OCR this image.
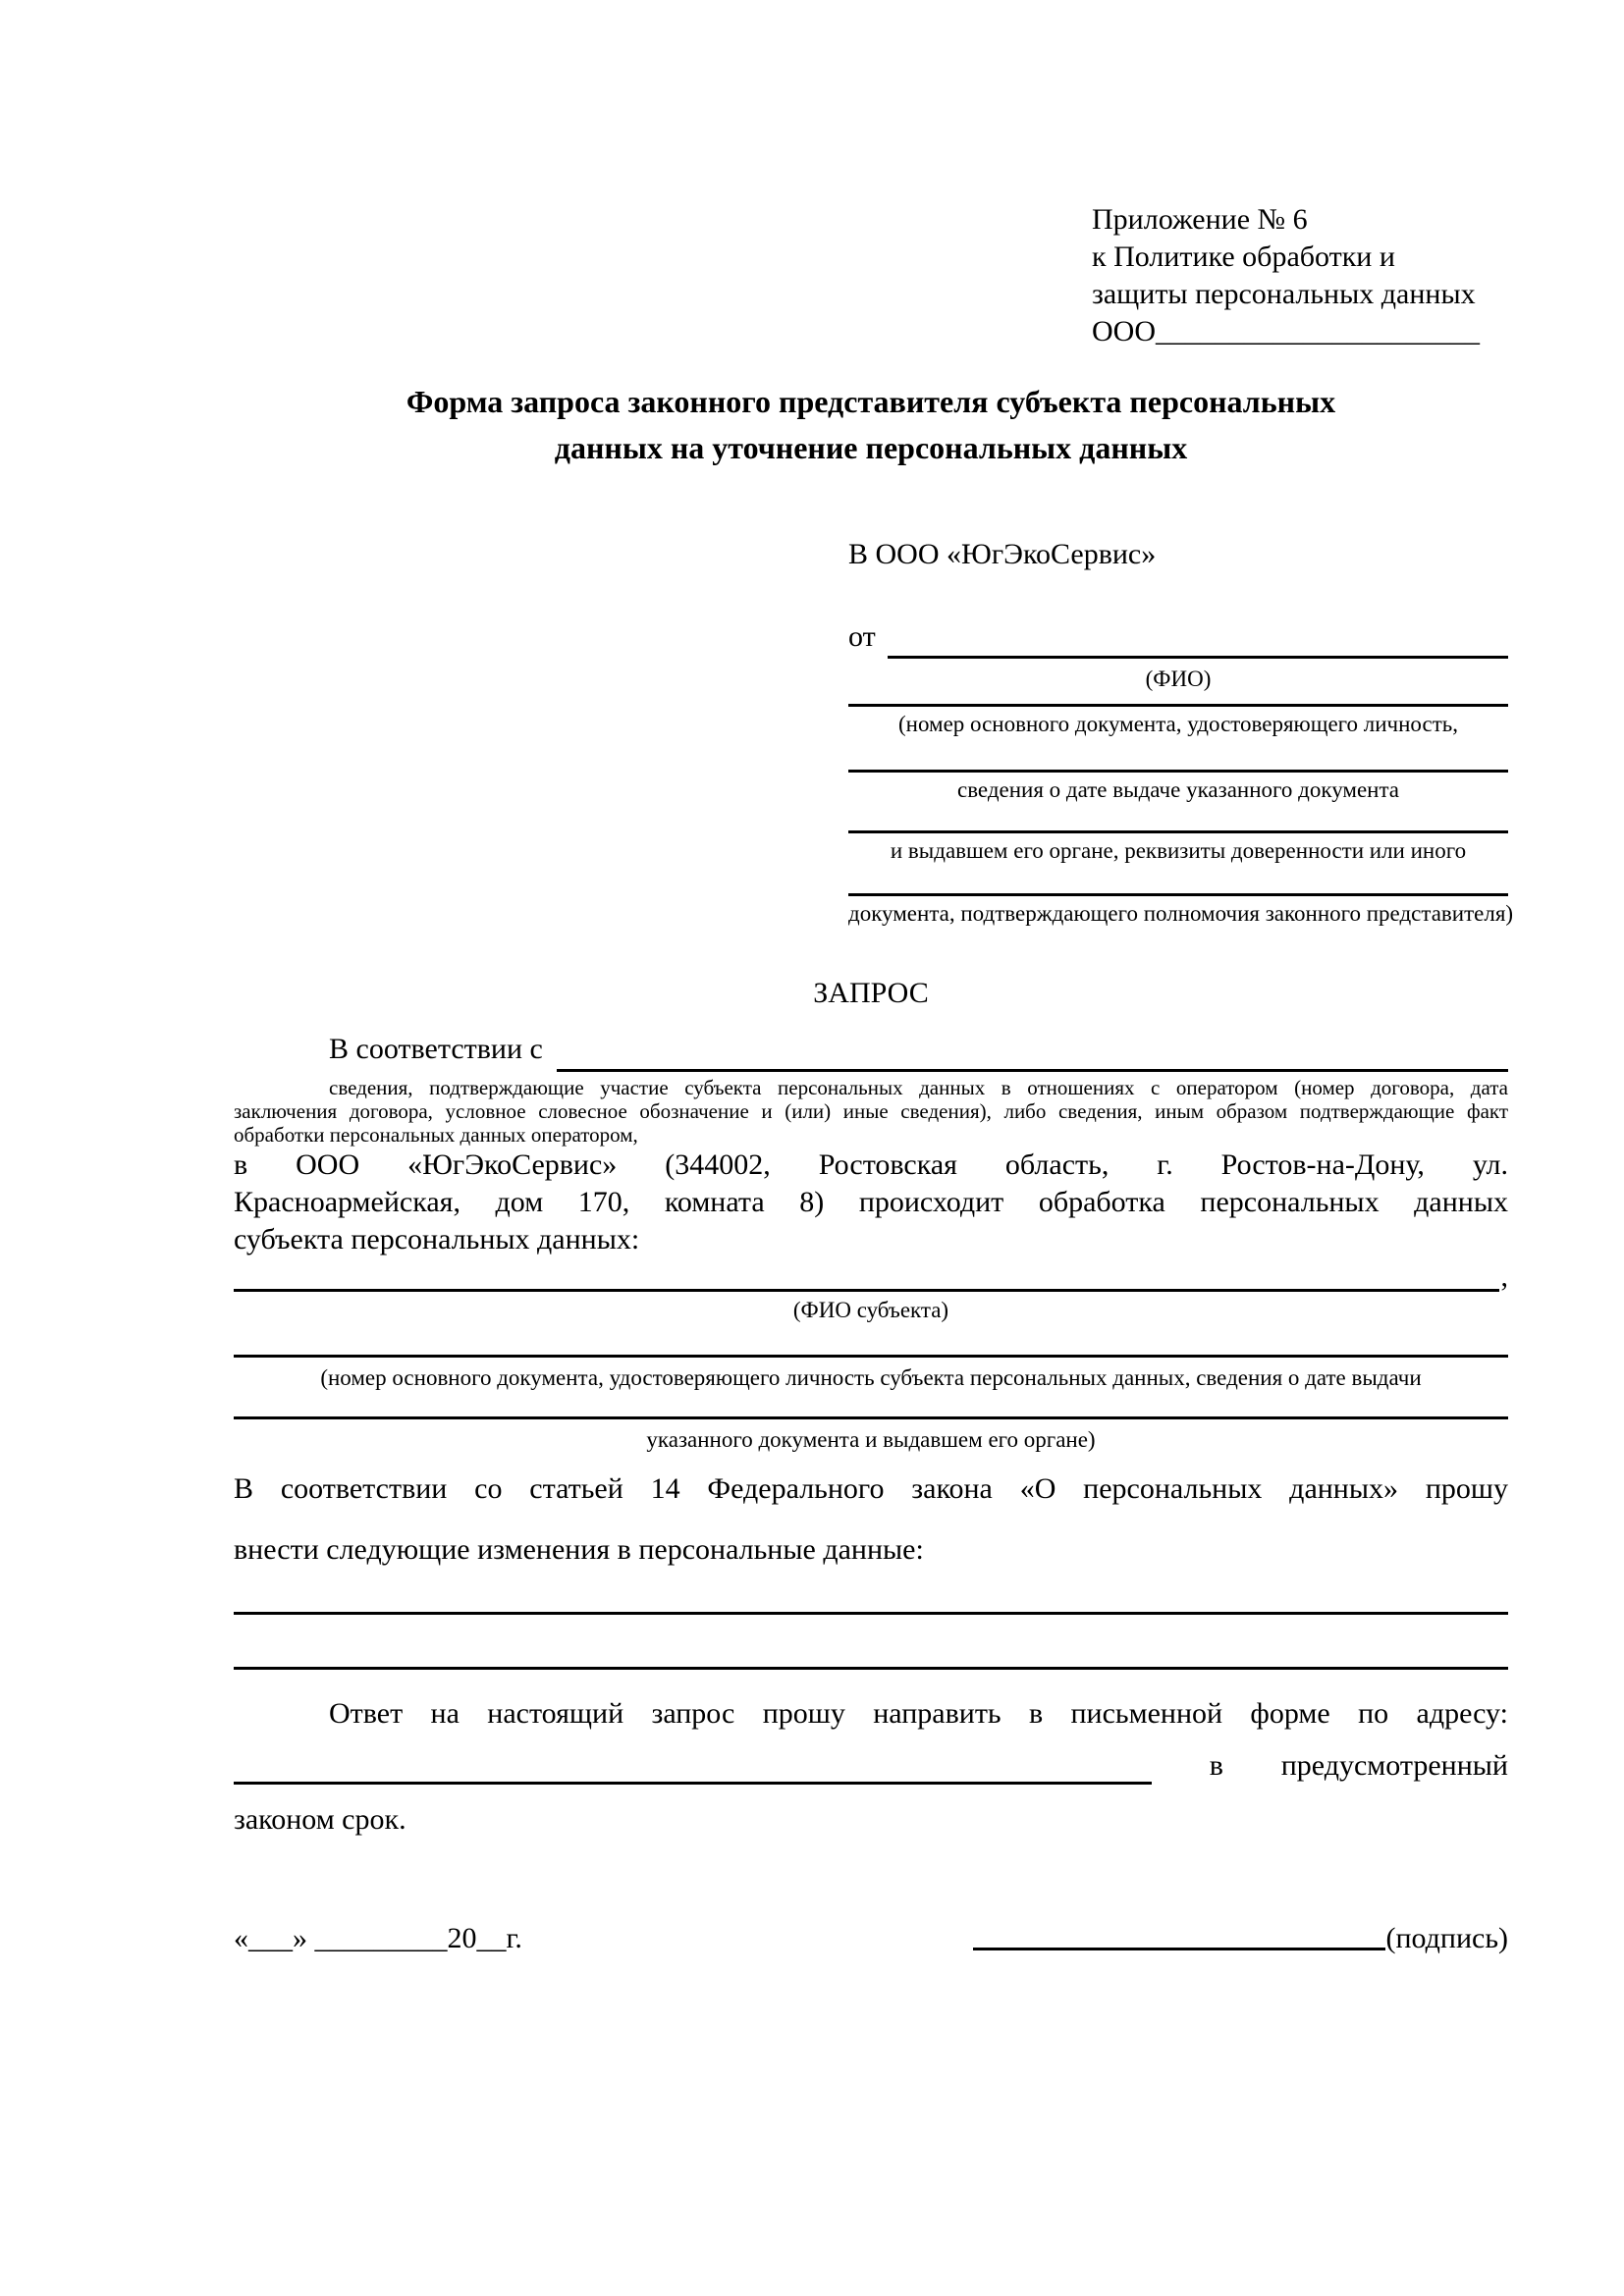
Приложение № 6
к Политике обработки и
защиты персональных данных
ООО______________________
Форма запроса законного представителя субъекта персональных
данных на уточнение персональных данных
В ООО «ЮгЭкоСервис»
от
(ФИО)
(номер основного документа, удостоверяющего личность,
сведения о дате выдаче указанного документа
и выдавшем его органе, реквизиты доверенности или иного
документа, подтверждающего полномочия законного представителя)
ЗАПРОС
В соответствии с
сведения, подтверждающие участие субъекта персональных данных в отношениях с оператором (номер договора, дата
заключения договора, условное словесное обозначение и (или) иные сведения), либо сведения, иным образом подтверждающие факт
обработки персональных данных оператором,
в ООО «ЮгЭкоСервис» (344002, Ростовская область, г. Ростов-на-Дону, ул.
Красноармейская, дом 170, комната 8) происходит обработка персональных данных
субъекта персональных данных:
,
(ФИО субъекта)
(номер основного документа, удостоверяющего личность субъекта персональных данных, сведения о дате выдачи
указанного документа и выдавшем его органе)
В соответствии со статьей 14 Федерального закона «О персональных данных» прошу
внести следующие изменения в персональные данные:
Ответ на настоящий запрос прошу направить в письменной форме по адресу:
в предусмотренный
законом срок.
«___» _________20__г.	(подпись)
